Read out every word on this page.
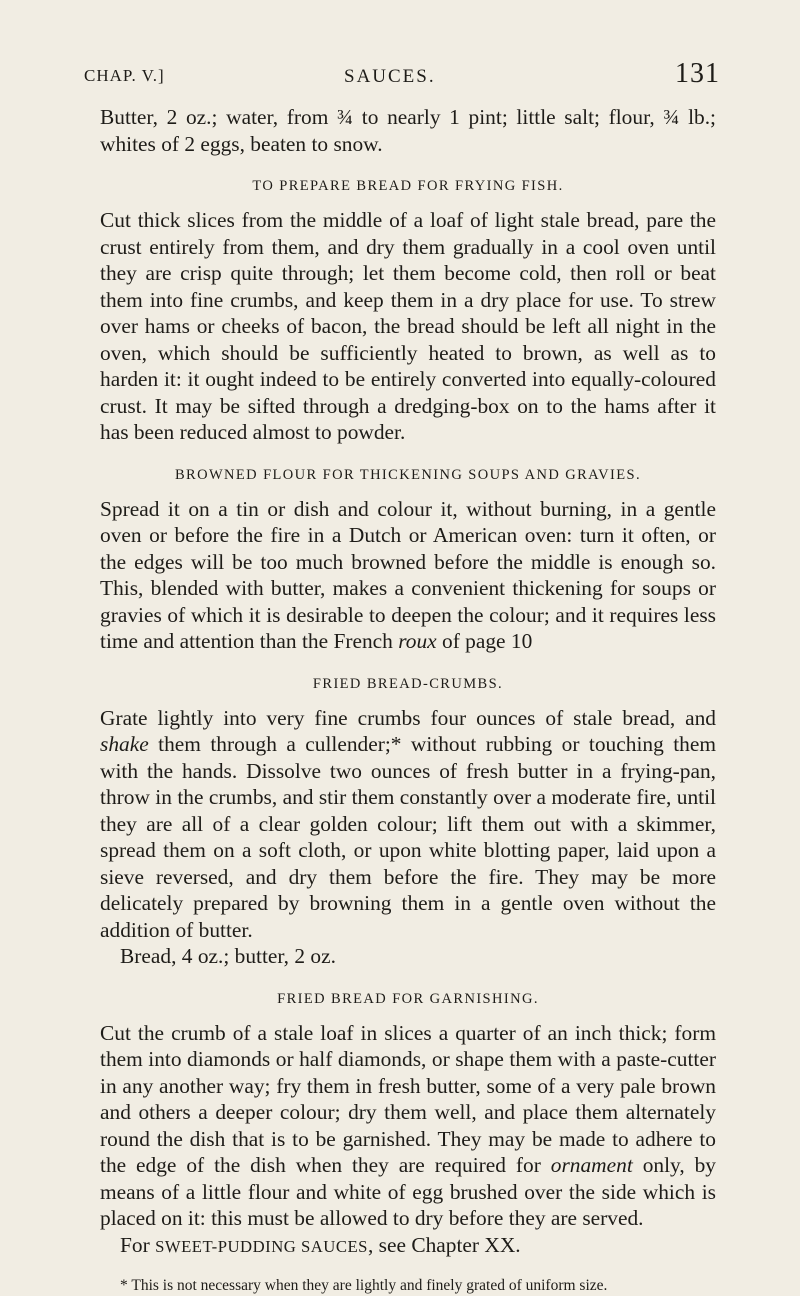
CHAP. V.]	SAUCES.	131

Butter, 2 oz.; water, from ¾ to nearly 1 pint; little salt; flour, ¾ lb.; whites of 2 eggs, beaten to snow.

TO PREPARE BREAD FOR FRYING FISH.

Cut thick slices from the middle of a loaf of light stale bread, pare the crust entirely from them, and dry them gradually in a cool oven until they are crisp quite through; let them become cold, then roll or beat them into fine crumbs, and keep them in a dry place for use. To strew over hams or cheeks of bacon, the bread should be left all night in the oven, which should be sufficiently heated to brown, as well as to harden it: it ought indeed to be entirely converted into equally-coloured crust. It may be sifted through a dredging-box on to the hams after it has been reduced almost to powder.

BROWNED FLOUR FOR THICKENING SOUPS AND GRAVIES.

Spread it on a tin or dish and colour it, without burning, in a gentle oven or before the fire in a Dutch or American oven: turn it often, or the edges will be too much browned before the middle is enough so. This, blended with butter, makes a convenient thickening for soups or gravies of which it is desirable to deepen the colour; and it requires less time and attention than the French roux of page 10

FRIED BREAD-CRUMBS.

Grate lightly into very fine crumbs four ounces of stale bread, and shake them through a cullender;* without rubbing or touching them with the hands. Dissolve two ounces of fresh butter in a frying-pan, throw in the crumbs, and stir them constantly over a moderate fire, until they are all of a clear golden colour; lift them out with a skimmer, spread them on a soft cloth, or upon white blotting paper, laid upon a sieve reversed, and dry them before the fire. They may be more delicately prepared by browning them in a gentle oven without the addition of butter.

Bread, 4 oz.; butter, 2 oz.

FRIED BREAD FOR GARNISHING.

Cut the crumb of a stale loaf in slices a quarter of an inch thick; form them into diamonds or half diamonds, or shape them with a paste-cutter in any another way; fry them in fresh butter, some of a very pale brown and others a deeper colour; dry them well, and place them alternately round the dish that is to be garnished. They may be made to adhere to the edge of the dish when they are required for ornament only, by means of a little flour and white of egg brushed over the side which is placed on it: this must be allowed to dry before they are served.

For SWEET-PUDDING SAUCES, see Chapter XX.

* This is not necessary when they are lightly and finely grated of uniform size.
